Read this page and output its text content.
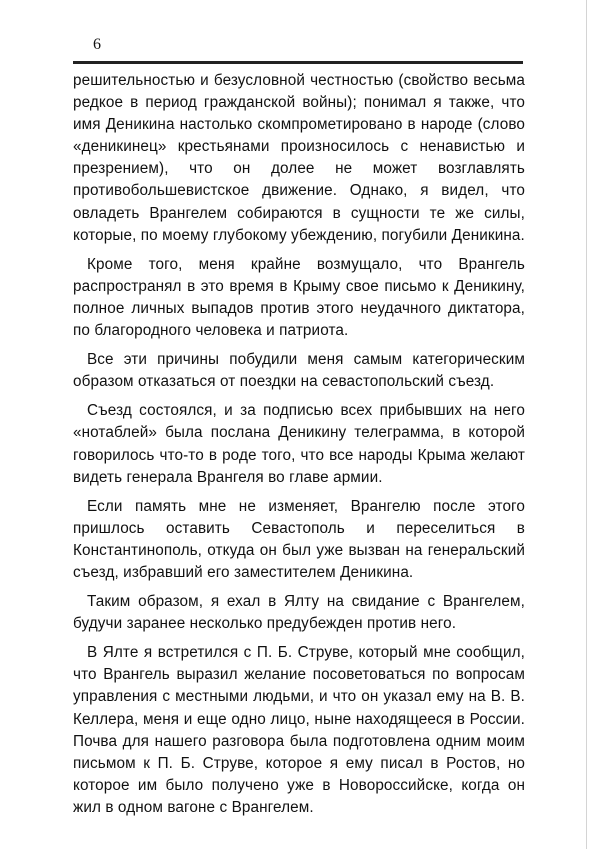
6

решительностью и безусловной честностью (свойство весьма редкое в период гражданской войны); понимал я также, что имя Деникина настолько скомпрометировано в народе (слово «деникинец» крестьянами произносилось с ненавистью и презрением), что он долее не может возглавлять противобольшевистское движение. Однако, я видел, что овладеть Врангелем собираются в сущности те же силы, которые, по моему глубокому убеждению, погубили Деникина.

Кроме того, меня крайне возмущало, что Врангель распространял в это время в Крыму свое письмо к Деникину, полное личных выпадов против этого неудачного диктатора, по благородного человека и патриота.

Все эти причины побудили меня самым категорическим образом отказаться от поездки на севастопольский съезд.

Съезд состоялся, и за подписью всех прибывших на него «нотаблей» была послана Деникину телеграмма, в которой говорилось что-то в роде того, что все народы Крыма желают видеть генерала Врангеля во главе армии.

Если память мне не изменяет, Врангелю после этого пришлось оставить Севастополь и переселиться в Константинополь, откуда он был уже вызван на генеральский съезд, избравший его заместителем Деникина.

Таким образом, я ехал в Ялту на свидание с Врангелем, будучи заранее несколько предубежден против него.

В Ялте я встретился с П. Б. Струве, который мне сообщил, что Врангель выразил желание посоветоваться по вопросам управления с местными людьми, и что он указал ему на В. В. Келлера, меня и еще одно лицо, ныне находящееся в России. Почва для нашего разговора была подготовлена одним моим письмом к П. Б. Струве, которое я ему писал в Ростов, но которое им было получено уже в Новороссийске, когда он жил в одном вагоне с Врангелем.
